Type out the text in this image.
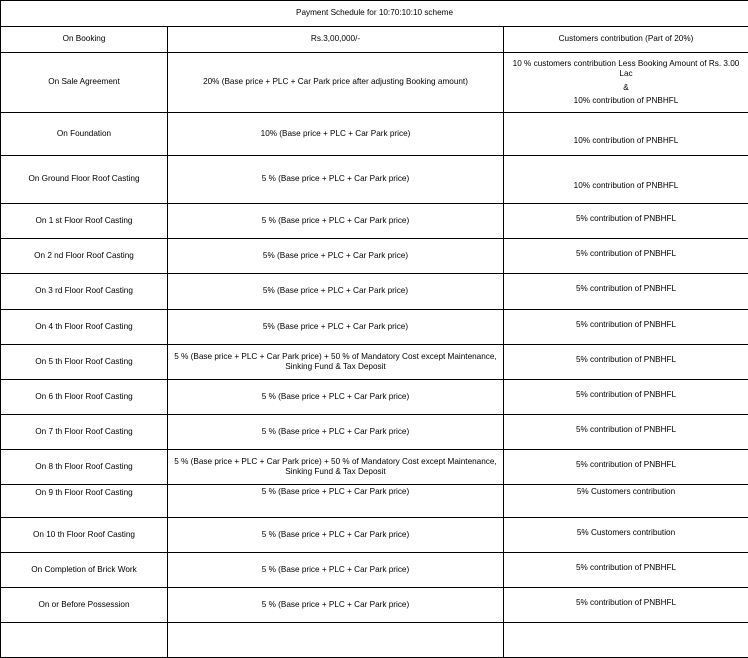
Payment Schedule for 10:70:10:10 scheme		
On Booking	Rs.3,00,000/-	Customers contribution (Part of 20%)
On Sale Agreement	20% (Base price + PLC + Car Park price after adjusting Booking amount)	10 % customers contribution Less Booking Amount of Rs. 3.00 Lac
&
10% contribution of PNBHFL
On Foundation	10% (Base price + PLC + Car Park price)	10% contribution of PNBHFL
On Ground Floor Roof Casting	5 % (Base price + PLC + Car Park price)	10% contribution of PNBHFL
On 1 st Floor Roof Casting	5 % (Base price + PLC + Car Park price)	5% contribution of PNBHFL
On 2 nd Floor Roof Casting	5% (Base price + PLC + Car Park price)	5% contribution of PNBHFL
On 3 rd Floor Roof Casting	5% (Base price + PLC + Car Park price)	5% contribution of PNBHFL
On 4 th Floor Roof Casting	5% (Base price + PLC + Car Park price)	5% contribution of PNBHFL
On 5 th Floor Roof Casting	5 % (Base price + PLC + Car Park price) + 50 % of Mandatory Cost except Maintenance, Sinking Fund & Tax Deposit	5% contribution of PNBHFL
On 6 th Floor Roof Casting	5 % (Base price + PLC + Car Park price)	5% contribution of PNBHFL
On 7 th Floor Roof Casting	5 % (Base price + PLC + Car Park price)	5% contribution of PNBHFL
On 8 th Floor Roof Casting	5 % (Base price + PLC + Car Park price) + 50 % of Mandatory Cost except Maintenance, Sinking Fund & Tax Deposit	5% contribution of PNBHFL
On 9 th Floor Roof Casting	5 % (Base price + PLC + Car Park price)	5% Customers contribution
On 10 th Floor Roof Casting	5 % (Base price + PLC + Car Park price)	5% Customers contribution
On Completion of Brick Work	5 % (Base price + PLC + Car Park price)	5% contribution of PNBHFL
On or Before Possession	5 % (Base price + PLC + Car Park price)	5% contribution of PNBHFL
